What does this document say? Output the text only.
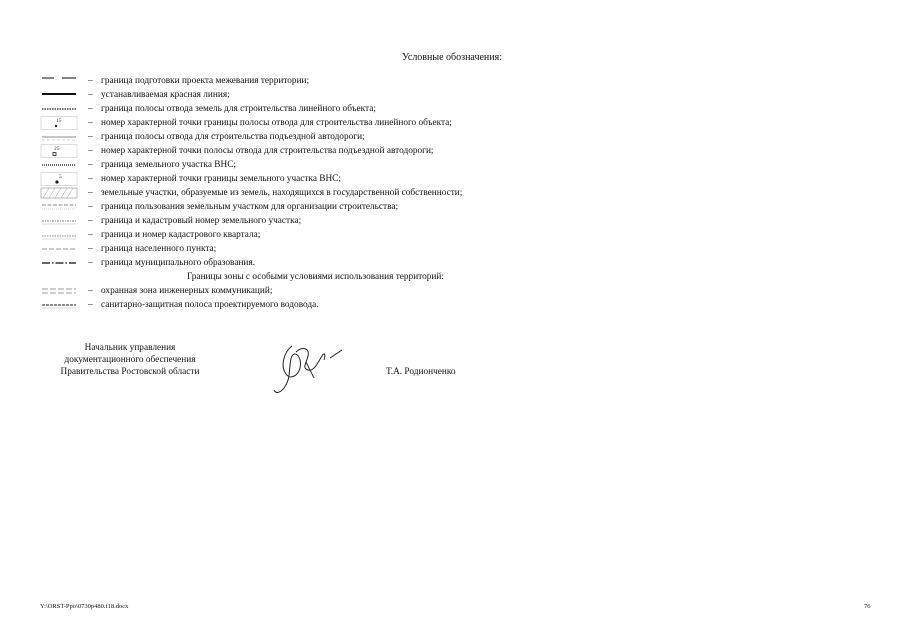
Условные обозначения:
– граница подготовки проекта межевания территории;
– устанавливаемая красная линия;
– граница полосы отвода земель для строительства линейного объекта;
15	– номер характерной точки границы полосы отвода для строительства линейного объекта;
– граница полосы отвода для строительства подъездной автодороги;
25	– номер характерной точки полосы отвода для строительства подъездной автодороги;
– граница земельного участка ВНС;
5	– номер характерной точки границы земельного участка ВНС;
– земельные участки, образуемые из земель, находящихся в государственной собственности;
– граница пользования земельным участком для организации строительства;
– граница и кадастровый номер земельного участка;
– граница и номер кадастрового квартала;
– граница населенного пункта;
– граница муниципального образования.
Границы зоны с особыми условиями использования территорий:
– охранная зона инженерных коммуникаций;
– санитарно-защитная полоса проектируемого водовода.
Начальник управления
документационного обеспечения
Правительства Ростовской области	Т.А. Родионченко
Y:\ORST-Ppo\0730p480.f18.docx	76
